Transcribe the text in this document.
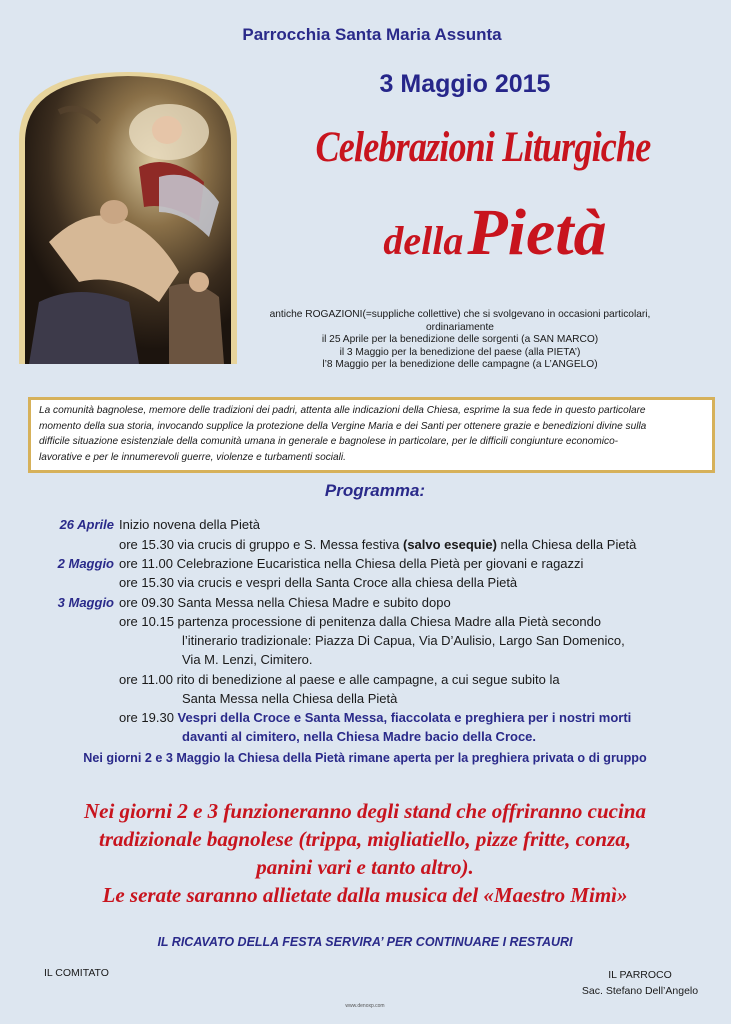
Parrocchia Santa Maria Assunta
3 Maggio 2015
Celebrazioni Liturgiche
della Pietà
antiche ROGAZIONI(=suppliche collettive) che si svolgevano in occasioni particolari,
ordinariamente
il 25 Aprile per la benedizione delle sorgenti (a SAN MARCO)
il 3 Maggio per la benedizione del paese (alla PIETA’)
l’8 Maggio per la benedizione delle campagne (a L’ANGELO)
La comunità bagnolese, memore delle tradizioni dei padri, attenta alle indicazioni della Chiesa, esprime la sua fede in questo particolare
momento della sua storia, invocando supplice la protezione della Vergine Maria e dei Santi per ottenere grazie e benedizioni divine sulla
difficile situazione esistenziale della comunità umana in generale e bagnolese in particolare, per le difficili congiunture economico-
lavorative e per le innumerevoli guerre, violenze e turbamenti sociali.
Programma:
26 Aprile Inizio novena della Pietà
ore 15.30 via crucis di gruppo e S. Messa festiva (salvo esequie) nella Chiesa della Pietà
2 Maggio ore 11.00 Celebrazione Eucaristica nella Chiesa della Pietà per giovani e ragazzi
ore 15.30 via crucis e vespri della Santa Croce alla chiesa della Pietà
3 Maggio ore 09.30 Santa Messa nella Chiesa Madre e subito dopo
ore 10.15 partenza processione di penitenza dalla Chiesa Madre alla Pietà secondo
l’itinerario tradizionale: Piazza Di Capua, Via D’Aulisio, Largo San Domenico,
Via M. Lenzi, Cimitero.
ore 11.00 rito di benedizione al paese e alle campagne, a cui segue subito la
Santa Messa nella Chiesa della Pietà
ore 19.30 Vespri della Croce e Santa Messa, fiaccolata e preghiera per i nostri morti
davanti al cimitero, nella Chiesa Madre bacio della Croce.
Nei giorni 2 e 3 Maggio la Chiesa della Pietà rimane aperta per la preghiera privata o di gruppo
Nei giorni 2 e 3 funzioneranno degli stand che offriranno cucina
tradizionale bagnolese (trippa, migliatiello, pizze fritte, conza,
panini vari e tanto altro).
Le serate saranno allietate dalla musica del «Maestro Mimì»
IL RICAVATO DELLA FESTA SERVIRA’ PER CONTINUARE I RESTAURI
IL COMITATO	IL PARROCO
Sac. Stefano Dell’Angelo
www.denoxp.com
